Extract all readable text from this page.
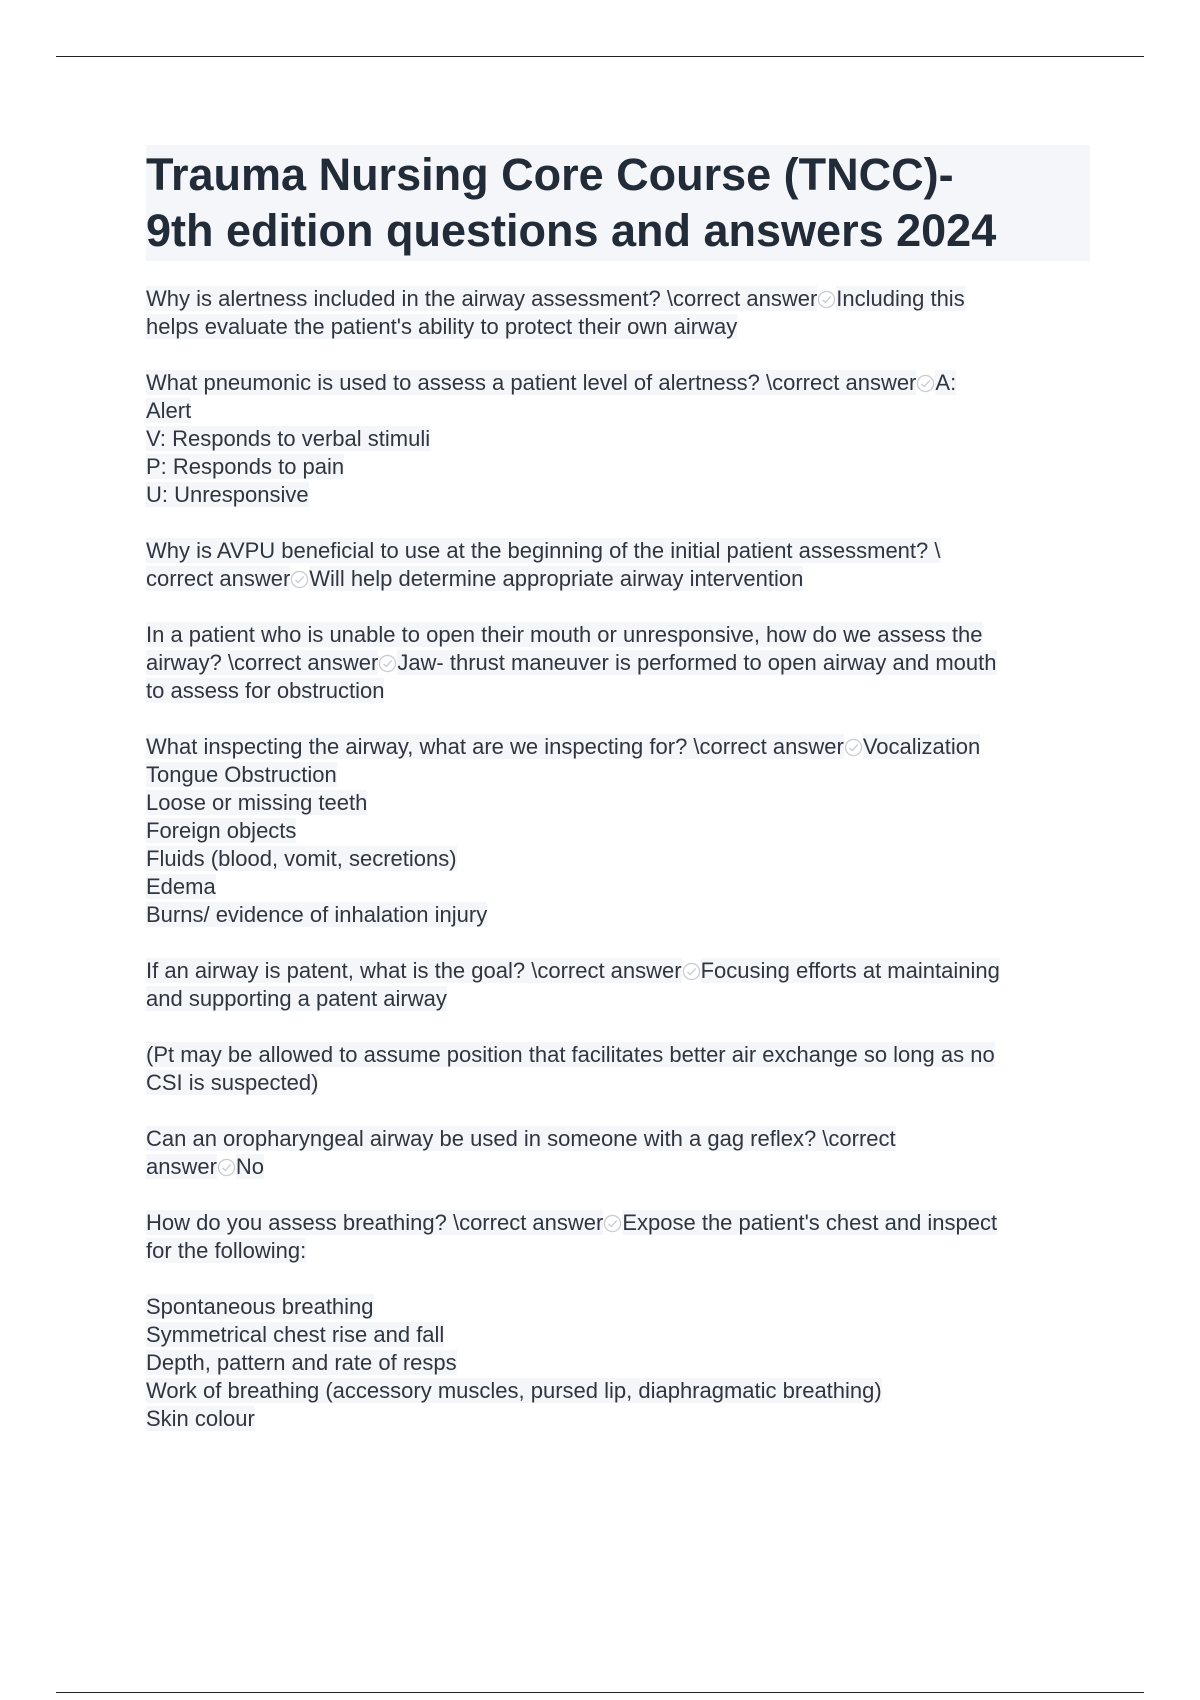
Trauma Nursing Core Course (TNCC)-
9th edition questions and answers 2024
Why is alertness included in the airway assessment? \correct answer Including this
helps evaluate the patient's ability to protect their own airway
What pneumonic is used to assess a patient level of alertness? \correct answer A:
Alert
V: Responds to verbal stimuli
P: Responds to pain
U: Unresponsive
Why is AVPU beneficial to use at the beginning of the initial patient assessment? \
correct answer Will help determine appropriate airway intervention
In a patient who is unable to open their mouth or unresponsive, how do we assess the
airway? \correct answer Jaw- thrust maneuver is performed to open airway and mouth
to assess for obstruction
What inspecting the airway, what are we inspecting for? \correct answer Vocalization
Tongue Obstruction
Loose or missing teeth
Foreign objects
Fluids (blood, vomit, secretions)
Edema
Burns/ evidence of inhalation injury
If an airway is patent, what is the goal? \correct answer Focusing efforts at maintaining
and supporting a patent airway
(Pt may be allowed to assume position that facilitates better air exchange so long as no
CSI is suspected)
Can an oropharyngeal airway be used in someone with a gag reflex? \correct
answer No
How do you assess breathing? \correct answer Expose the patient's chest and inspect
for the following:
Spontaneous breathing
Symmetrical chest rise and fall
Depth, pattern and rate of resps
Work of breathing (accessory muscles, pursed lip, diaphragmatic breathing)
Skin colour
